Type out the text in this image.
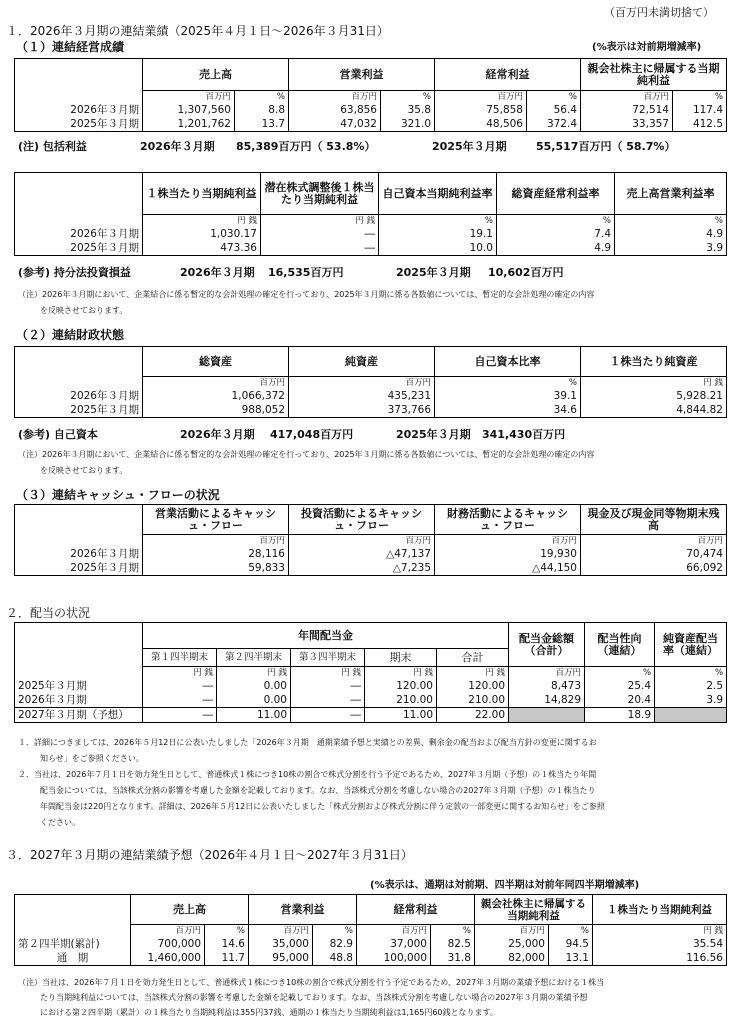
（百万円未満切捨て）
１．2026年３月期の連結業績（2025年４月１日～2026年３月31日）
（１）連結経営成績	(%表示は対前期増減率)
	売上高		営業利益		経常利益		親会社株主に帰属する当期純利益	
	百万円	%	百万円	%	百万円	%	百万円	%
2026年３月期	1,307,560	8.8	63,856	35.8	75,858	56.4	72,514	117.4
2025年３月期	1,201,762	13.7	47,032	321.0	48,506	372.4	33,357	412.5
(注) 包括利益	2026年３月期 85,389百万円（ 53.8%）	2025年３月期	55,517百万円（ 58.7%）
	１株当たり当期純利益	潜在株式調整後１株当たり当期純利益	自己資本当期純利益率	総資産経常利益率	売上高営業利益率
	円 銭	円 銭	%	%	%
2026年３月期	1,030.17	―	19.1	7.4	4.9
2025年３月期	473.36	―	10.0	4.9	3.9
(参考) 持分法投資損益	2026年３月期 16,535百万円	2025年３月期 10,602百万円
（注）2026年３月期において、企業結合に係る暫定的な会計処理の確定を行っており、2025年３月期に係る各数値については、暫定的な会計処理の確定の内容
を反映させております。
（２）連結財政状態
	総資産	純資産	自己資本比率	１株当たり純資産
	百万円	百万円	%	円 銭
2026年３月期	1,066,372	435,231	39.1	5,928.21
2025年３月期	988,052	373,766	34.6	4,844.82
(参考) 自己資本	2026年３月期 417,048百万円	2025年３月期 341,430百万円
（注）2026年３月期において、企業結合に係る暫定的な会計処理の確定を行っており、2025年３月期に係る各数値については、暫定的な会計処理の確定の内容
を反映させております。
（３）連結キャッシュ・フローの状況
	営業活動によるキャッシュ・フロー	投資活動によるキャッシュ・フロー	財務活動によるキャッシュ・フロー	現金及び現金同等物期末残高
	百万円	百万円	百万円	百万円
2026年３月期	28,116	△47,137	19,930	70,474
2025年３月期	59,833	△7,235	△44,150	66,092
２．配当の状況
	年間配当金					配当金総額（合計）	配当性向（連結）	純資産配当率（連結）
	第１四半期末	第２四半期末	第３四半期末	期末	合計			
	円 銭	円 銭	円 銭	円 銭	円 銭	百万円	%	%
2025年３月期	―	0.00	―	120.00	120.00	8,473	25.4	2.5
2026年３月期	―	0.00	―	210.00	210.00	14,829	20.4	3.9
2027年３月期（予想）	―	11.00	―	11.00	22.00		18.9	
１．詳細につきましては、2026年５月12日に公表いたしました「2026年３月期　通期業績予想と実績との差異、剰余金の配当および配当方針の変更に関するお
知らせ」をご参照ください。
２．当社は、2026年７月１日を効力発生日として、普通株式１株につき10株の割合で株式分割を行う予定であるため、2027年３月期（予想）の１株当たり年間
配当金については、当該株式分割の影響を考慮した金額を記載しております。なお、当該株式分割を考慮しない場合の2027年３月期（予想）の１株当たり
年間配当金は220円となります。詳細は、2026年５月12日に公表いたしました「株式分割および株式分割に伴う定款の一部変更に関するお知らせ」をご参照
ください。
３．2027年３月期の連結業績予想（2026年４月１日～2027年３月31日）
(%表示は、通期は対前期、四半期は対前年同四半期増減率)
	売上高		営業利益		経常利益		親会社株主に帰属する当期純利益		１株当たり当期純利益
	百万円	%	百万円	%	百万円	%	百万円	%	円 銭
第２四半期(累計)	700,000	14.6	35,000	82.9	37,000	82.5	25,000	94.5	35.54
通　期	1,460,000	11.7	95,000	48.8	100,000	31.8	82,000	13.1	116.56
（注）当社は、2026年７月１日を効力発生日として、普通株式１株につき10株の割合で株式分割を行う予定であるため、2027年３月期の業績予想における１株当
たり当期純利益については、当該株式分割の影響を考慮した金額を記載しております。なお、当該株式分割を考慮しない場合の2027年３月期の業績予想
における第２四半期（累計）の１株当たり当期純利益は355円37銭、通期の１株当たり当期純利益は1,165円60銭となります。
